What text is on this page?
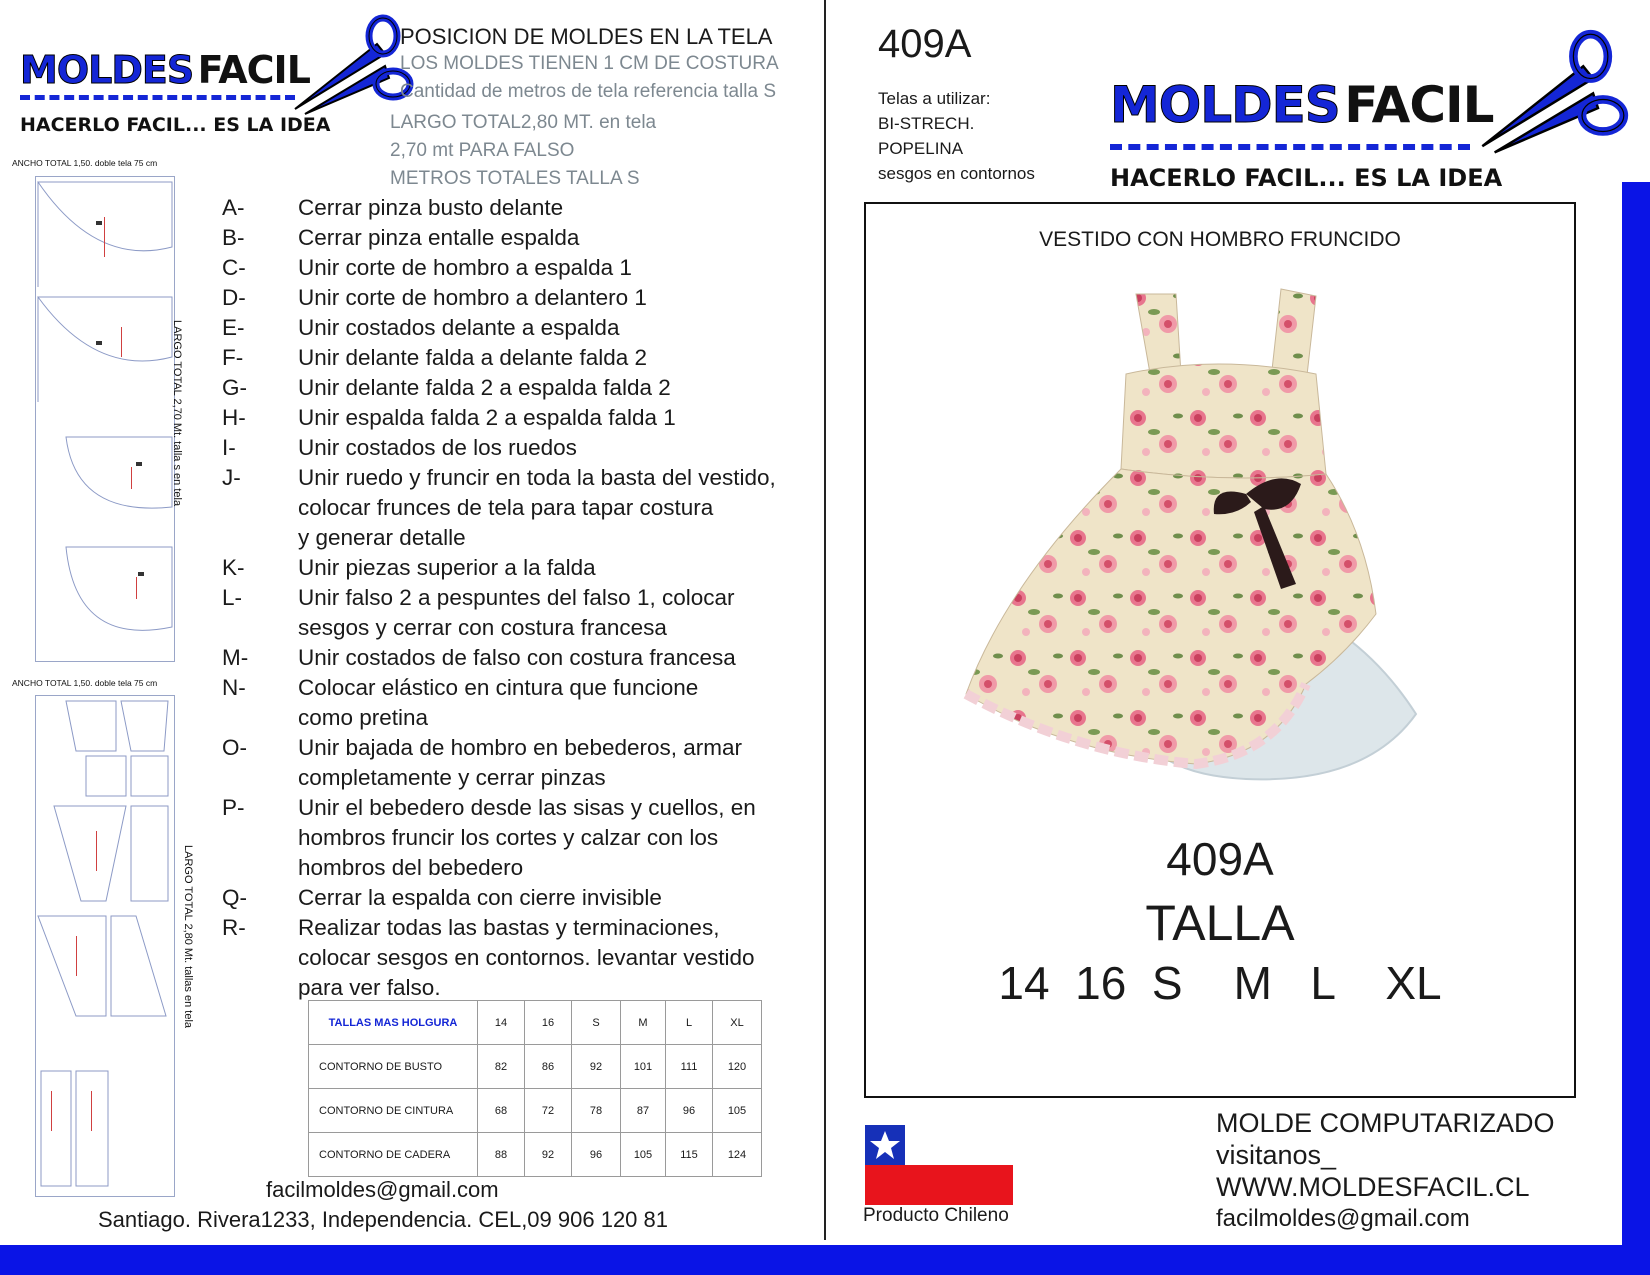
MOLDES FACIL
HACERLO FACIL... ES LA IDEA
POSICION DE MOLDES EN LA TELA
LOS MOLDES TIENEN 1 CM DE COSTURA
Cantidad de metros de tela referencia talla S
LARGO TOTAL2,80 MT. en tela
2,70 mt PARA FALSO
METROS TOTALES TALLA S
ANCHO TOTAL 1,50. doble tela 75 cm
LARGO TOTAL 2,70 Mt. talla s en tela
ANCHO TOTAL 1,50. doble tela 75 cm
LARGO TOTAL 2,80 Mt. tallas en tela
A-	Cerrar pinza busto delante
B-	Cerrar pinza entalle espalda
C-	Unir corte de hombro a espalda 1
D-	Unir corte de hombro a delantero 1
E-	Unir costados delante a espalda
F-	Unir delante falda a delante falda 2
G-	Unir delante falda 2 a espalda falda 2
H-	Unir espalda falda 2 a espalda falda 1
I-	Unir costados de los ruedos
J-	Unir ruedo y fruncir en toda la basta del vestido,
colocar frunces de tela para tapar costura
y generar detalle
K-	Unir piezas superior a la falda
L-	Unir falso 2 a pespuntes del falso 1, colocar
sesgos y cerrar con costura francesa
M-	Unir costados de falso con costura francesa
N-	Colocar elástico en cintura que funcione
como pretina
O-	Unir bajada de hombro en bebederos, armar
completamente y cerrar pinzas
P-	Unir el bebedero desde las sisas y cuellos, en
hombros fruncir los cortes y calzar con los
hombros del bebedero
Q-	Cerrar la espalda con cierre invisible
R-	Realizar todas las bastas y terminaciones,
colocar sesgos en contornos. levantar vestido
para ver falso.
TALLAS MAS HOLGURA	14	16	S	M	L	XL
CONTORNO DE BUSTO	82	86	92	101	111	120
CONTORNO DE CINTURA	68	72	78	87	96	105
CONTORNO DE CADERA	88	92	96	105	115	124
facilmoldes@gmail.com
Santiago. Rivera1233, Independencia. CEL,09 906 120 81
409A
Telas a utilizar:
BI-STRECH.
POPELINA
sesgos en contornos
MOLDES FACIL
HACERLO FACIL... ES LA IDEA
VESTIDO CON HOMBRO FRUNCIDO
409A
TALLA
14  16  S    M   L    XL
Producto Chileno
MOLDE COMPUTARIZADO
visitanos_
WWW.MOLDESFACIL.CL
facilmoldes@gmail.com
